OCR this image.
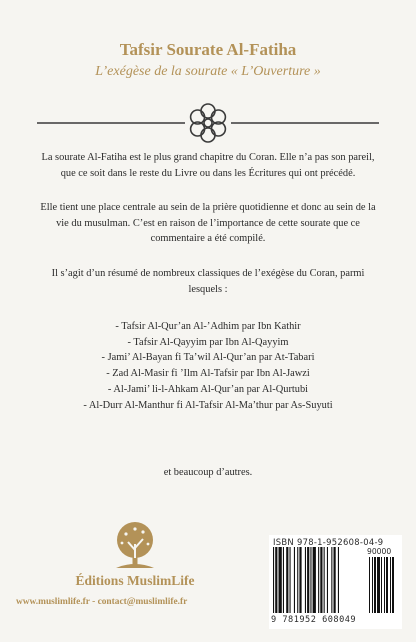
Tafsir Sourate Al-Fatiha
L’exégèse de la sourate « L’Ouverture »
La sourate Al-Fatiha est le plus grand chapitre du Coran. Elle n’a pas son pareil, que ce soit dans le reste du Livre ou dans les Écritures qui ont précédé.
Elle tient une place centrale au sein de la prière quotidienne et donc au sein de la vie du musulman. C’est en raison de l’importance de cette sourate que ce commentaire a été compilé.
Il s’agit d’un résumé de nombreux classiques de l’exégèse du Coran, parmi lesquels :
- Tafsir Al-Qur’an Al-’Adhim par Ibn Kathir
- Tafsir Al-Qayyim par Ibn Al-Qayyim
- Jami’ Al-Bayan fi Ta’wil Al-Qur’an par At-Tabari
- Zad Al-Masir fi ’Ilm Al-Tafsir par Ibn Al-Jawzi
- Al-Jami’ li-l-Ahkam Al-Qur’an par Al-Qurtubi
- Al-Durr Al-Manthur fi Al-Tafsir Al-Ma’thur par As-Suyuti
et beaucoup d’autres.
Éditions MuslimLife
www.muslimlife.fr - contact@muslimlife.fr
ISBN 978-1-952608-04-9
90000
9 781952 608049
